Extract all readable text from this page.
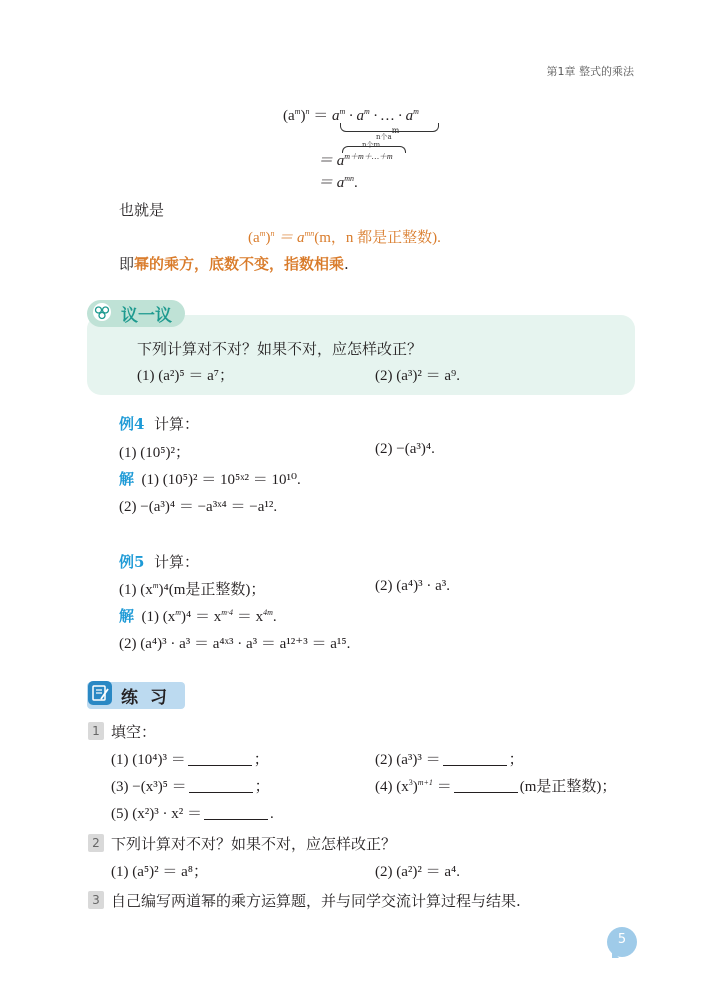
第1章 整式的乘法
$(a^m)^n = a^m \cdot a^m$ · … · $a^m$
n个$a^m$
n个m
＝ $a^{m+m+\dots+m}$
＝ $a^{mn}$.
也就是
$(a^m)^n = a^{mn}(m$，n 都是正整数).
即幂的乘方，底数不变，指数相乘.
议一议
下列计算对不对？如果不对，应怎样改正？
(1) (a²)⁵ ＝ a⁷；	(2) (a³)² ＝ a⁹.
例4 计算：
(1) (10⁵)²；	(2) −(a³)⁴.
解 (1) (10⁵)² ＝ 10⁵ˣ² ＝ 10¹⁰.
(2) −(a³)⁴ ＝ −a³ˣ⁴ ＝ −a¹².
例5 计算：
(1) $(x^m)^4(m$是正整数)；	(2) (a⁴)³ · a³.
解 (1) $(x^m)^4 = x^{m\cdot 4} = x^{4m}$.
(2) (a⁴)³ · a³ ＝ a⁴ˣ³ · a³ ＝ a¹²⁺³ ＝ a¹⁵.
练习
1 填空：
(1) (10⁴)³ ＝	；	(2) (a³)³ ＝	；
(3) −(x³)⁵ ＝	；	(4) $(x^3)^{m+1}$ ＝	(m是正整数)；
(5) (x²)³ · x² ＝	.
2 下列计算对不对？如果不对，应怎样改正？
(1) (a⁵)² ＝ a⁸；	(2) (a²)² ＝ a⁴.
3 自己编写两道幂的乘方运算题，并与同学交流计算过程与结果.
5
